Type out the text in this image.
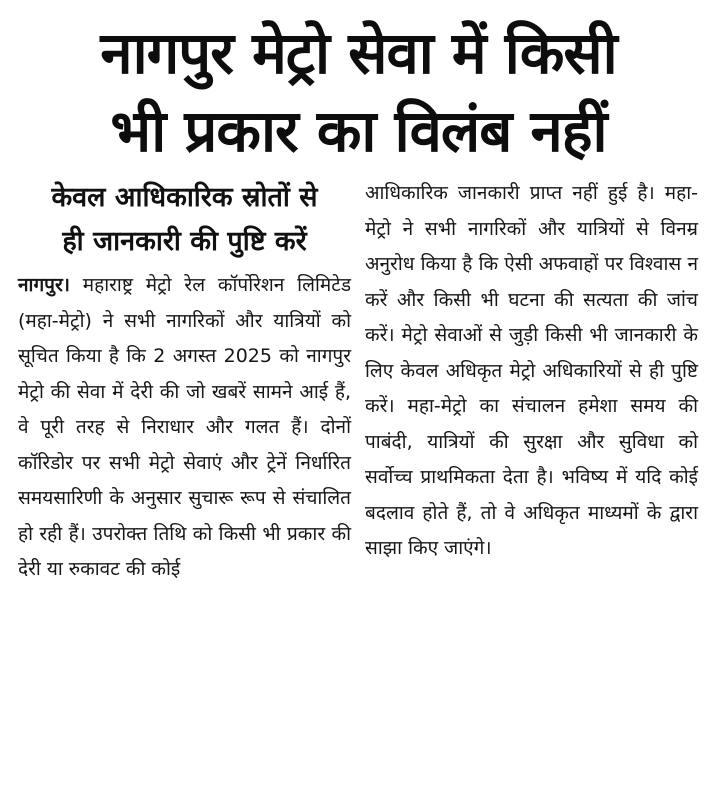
नागपुर मेट्रो सेवा में किसी
भी प्रकार का विलंब नहीं
केवल आधिकारिक स्रोतों से
ही जानकारी की पुष्टि करें

नागपुर। महाराष्ट्र मेट्रो रेल कॉर्पोरेशन लिमिटेड (महा-मेट्रो) ने सभी नागरिकों और यात्रियों को सूचित किया है कि 2 अगस्त 2025 को नागपुर मेट्रो की सेवा में देरी की जो खबरें सामने आई हैं, वे पूरी तरह से निराधार और गलत हैं। दोनों कॉरिडोर पर सभी मेट्रो सेवाएं और ट्रेनें निर्धारित समयसारिणी के अनुसार सुचारू रूप से संचालित हो रही हैं। उपरोक्त तिथि को किसी भी प्रकार की देरी या रुकावट की कोई

आधिकारिक जानकारी प्राप्त नहीं हुई है। महा-मेट्रो ने सभी नागरिकों और यात्रियों से विनम्र अनुरोध किया है कि ऐसी अफवाहों पर विश्वास न करें और किसी भी घटना की सत्यता की जांच करें। मेट्रो सेवाओं से जुड़ी किसी भी जानकारी के लिए केवल अधिकृत मेट्रो अधिकारियों से ही पुष्टि करें। महा-मेट्रो का संचालन हमेशा समय की पाबंदी, यात्रियों की सुरक्षा और सुविधा को सर्वोच्च प्राथमिकता देता है। भविष्य में यदि कोई बदलाव होते हैं, तो वे अधिकृत माध्यमों के द्वारा साझा किए जाएंगे।
